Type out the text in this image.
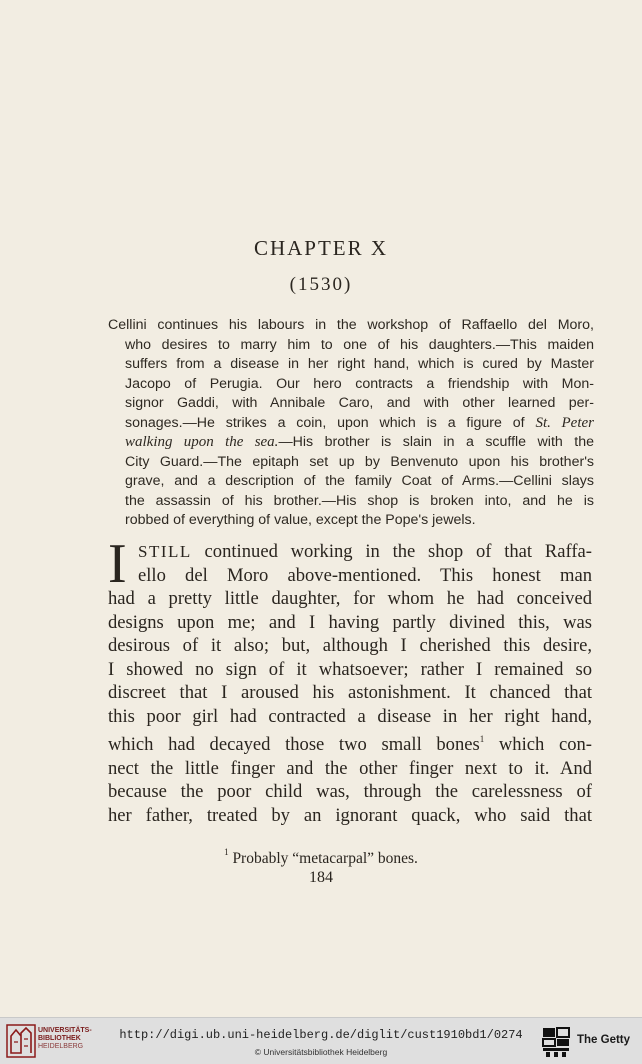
CHAPTER X
(1530)
Cellini continues his labours in the workshop of Raffaello del Moro,
who desires to marry him to one of his daughters.—This maiden
suffers from a disease in her right hand, which is cured by Master
Jacopo of Perugia. Our hero contracts a friendship with Mon-
signor Gaddi, with Annibale Caro, and with other learned per-
sonages.—He strikes a coin, upon which is a figure of St. Peter
walking upon the sea.—His brother is slain in a scuffle with the
City Guard.—The epitaph set up by Benvenuto upon his brother's
grave, and a description of the family Coat of Arms.—Cellini slays
the assassin of his brother.—His shop is broken into, and he is
robbed of everything of value, except the Pope's jewels.
I STILL continued working in the shop of that Raffa-
ello del Moro above-mentioned. This honest man
had a pretty little daughter, for whom he had conceived
designs upon me; and I having partly divined this, was
desirous of it also; but, although I cherished this desire,
I showed no sign of it whatsoever; rather I remained so
discreet that I aroused his astonishment. It chanced that
this poor girl had contracted a disease in her right hand,
which had decayed those two small bones$^1$ which con-
nect the little finger and the other finger next to it. And
because the poor child was, through the carelessness of
her father, treated by an ignorant quack, who said that
$^1$ Probably “metacarpal” bones.
184
UNIVERSITÄTS-
BIBLIOTHEK
HEIDELBERG
http://digi.ub.uni-heidelberg.de/diglit/cust1910bd1/0274
© Universitätsbibliothek Heidelberg
The Getty
